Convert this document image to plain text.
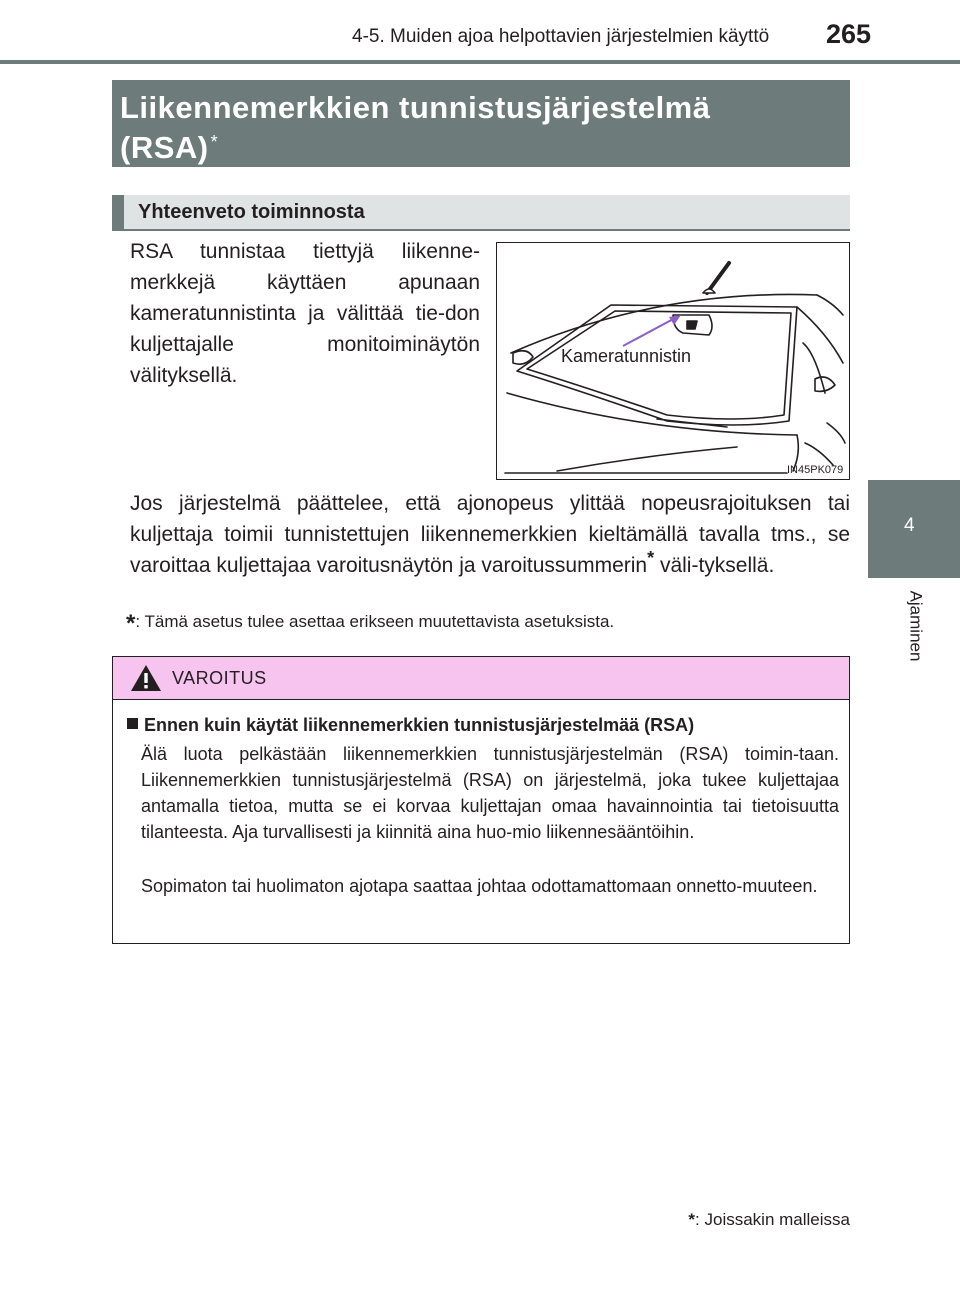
4-5. Muiden ajoa helpottavien järjestelmien käyttö 265
4
Ajaminen
Liikennemerkkien tunnistusjärjestelmä
(RSA) *
Yhteenveto toiminnosta

RSA tunnistaa tiettyjä liikenne-merkkejä käyttäen apunaan kameratunnistinta ja välittää tie-don kuljettajalle monitoiminäytön välityksellä.

Kameratunnistin
IN45PK079

Jos järjestelmä päättelee, että ajonopeus ylittää nopeusrajoituksen tai kuljettaja toimii tunnistettujen liikennemerkkien kieltämällä tavalla tms., se varoittaa kuljettajaa varoitusnäytön ja varoitussummerin* väli-tyksellä.

*: Tämä asetus tulee asettaa erikseen muutettavista asetuksista.
VAROITUS
Ennen kuin käytät liikennemerkkien tunnistusjärjestelmää (RSA)

Älä luota pelkästään liikennemerkkien tunnistusjärjestelmän (RSA) toimin-taan. Liikennemerkkien tunnistusjärjestelmä (RSA) on järjestelmä, joka tukee kuljettajaa antamalla tietoa, mutta se ei korvaa kuljettajan omaa havainnointia tai tietoisuutta tilanteesta. Aja turvallisesti ja kiinnitä aina huo-mio liikennesääntöihin.

Sopimaton tai huolimaton ajotapa saattaa johtaa odottamattomaan onnetto-muuteen.

*: Joissakin malleissa
